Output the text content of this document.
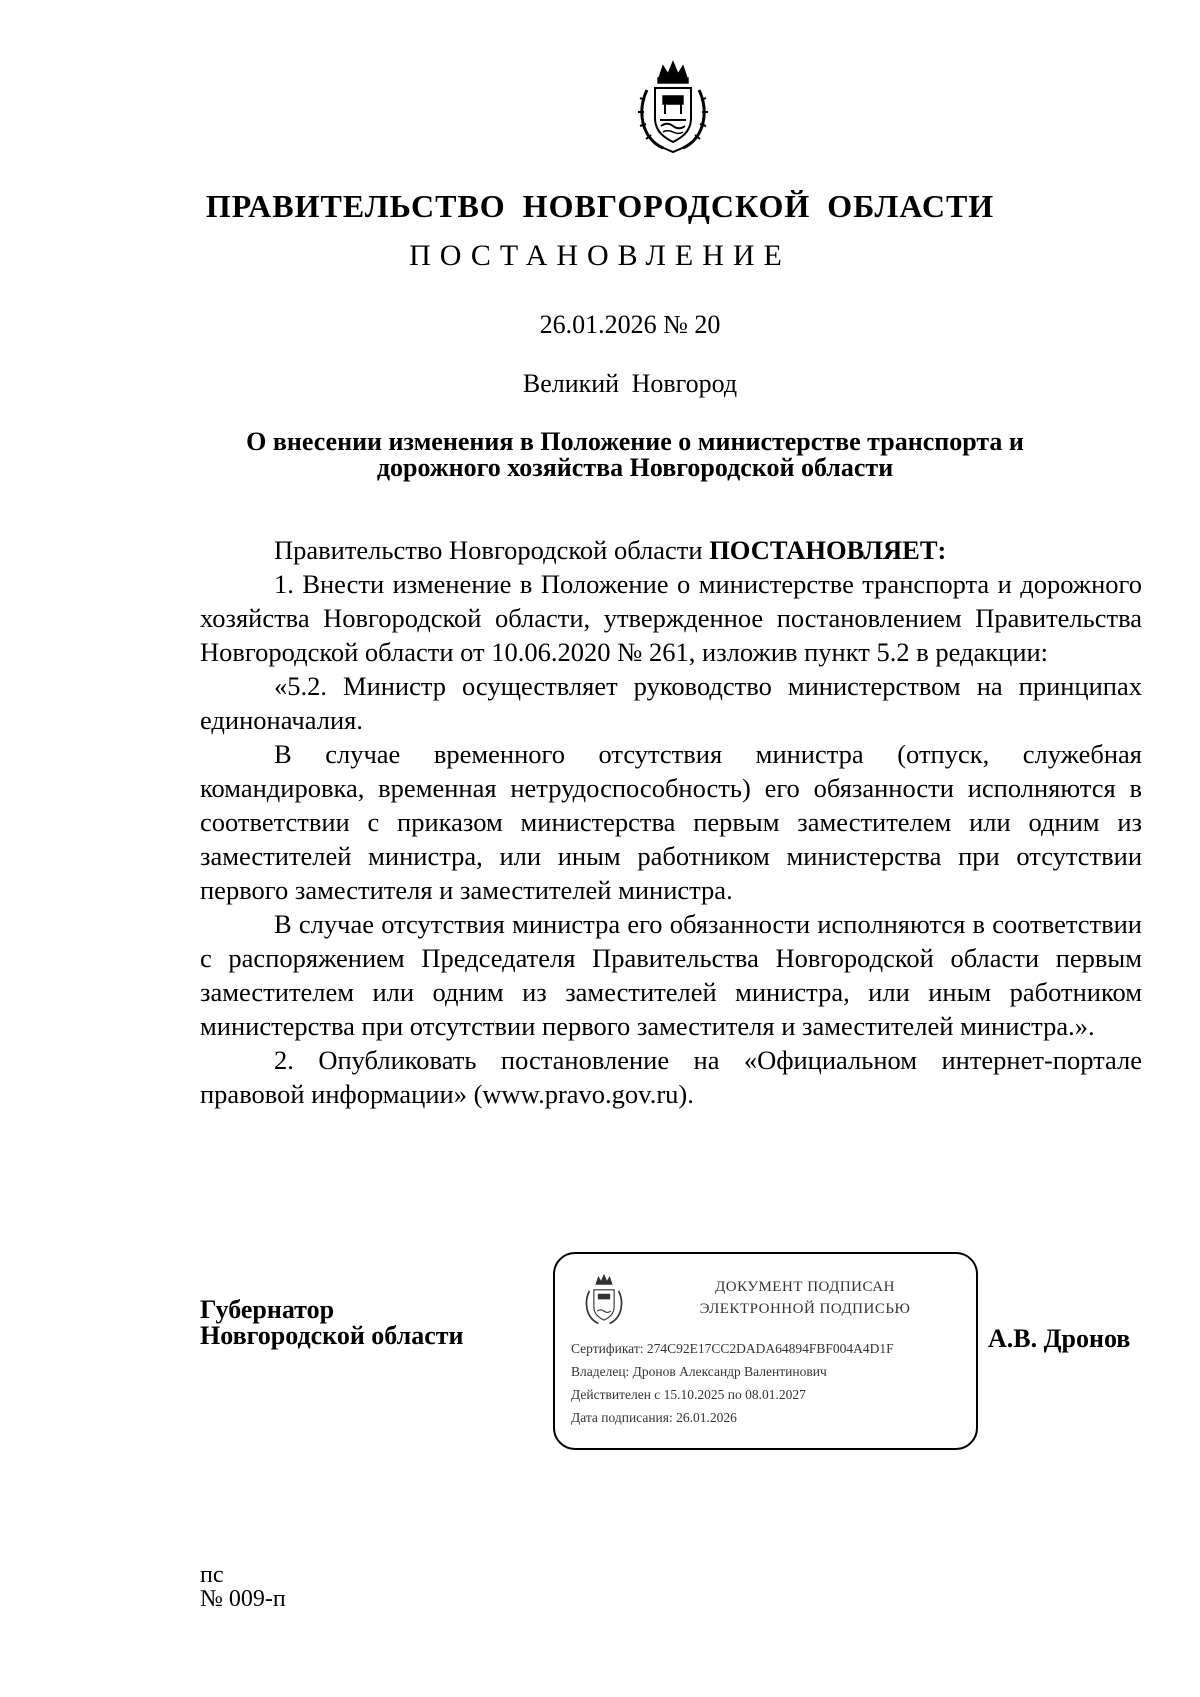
ПРАВИТЕЛЬСТВО НОВГОРОДСКОЙ ОБЛАСТИ
ПОСТАНОВЛЕНИЕ
26.01.2026 № 20
Великий Новгород
О внесении изменения в Положение о министерстве транспорта и
дорожного хозяйства Новгородской области

Правительство Новгородской области ПОСТАНОВЛЯЕТ:

1. Внести изменение в Положение о министерстве транспорта и дорожного хозяйства Новгородской области, утвержденное постановлением Правительства Новгородской области от 10.06.2020 № 261, изложив пункт 5.2 в редакции:

«5.2. Министр осуществляет руководство министерством на принципах единоначалия.

В случае временного отсутствия министра (отпуск, служебная командировка, временная нетрудоспособность) его обязанности исполняются в соответствии с приказом министерства первым заместителем или одним из заместителей министра, или иным работником министерства при отсутствии первого заместителя и заместителей министра.

В случае отсутствия министра его обязанности исполняются в соответствии с распоряжением Председателя Правительства Новгородской области первым заместителем или одним из заместителей министра, или иным работником министерства при отсутствии первого заместителя и заместителей министра.».

2. Опубликовать постановление на «Официальном интернет-портале правовой информации» (www.pravo.gov.ru).

Губернатор
Новгородской области
ДОКУМЕНТ ПОДПИСАН
ЭЛЕКТРОННОЙ ПОДПИСЬЮ
Сертификат: 274C92E17CC2DADA64894FBF004A4D1F
Владелец: Дронов Александр Валентинович
Действителен с 15.10.2025 по 08.01.2027
Дата подписания: 26.01.2026
А.В. Дронов
пс
№ 009-п
